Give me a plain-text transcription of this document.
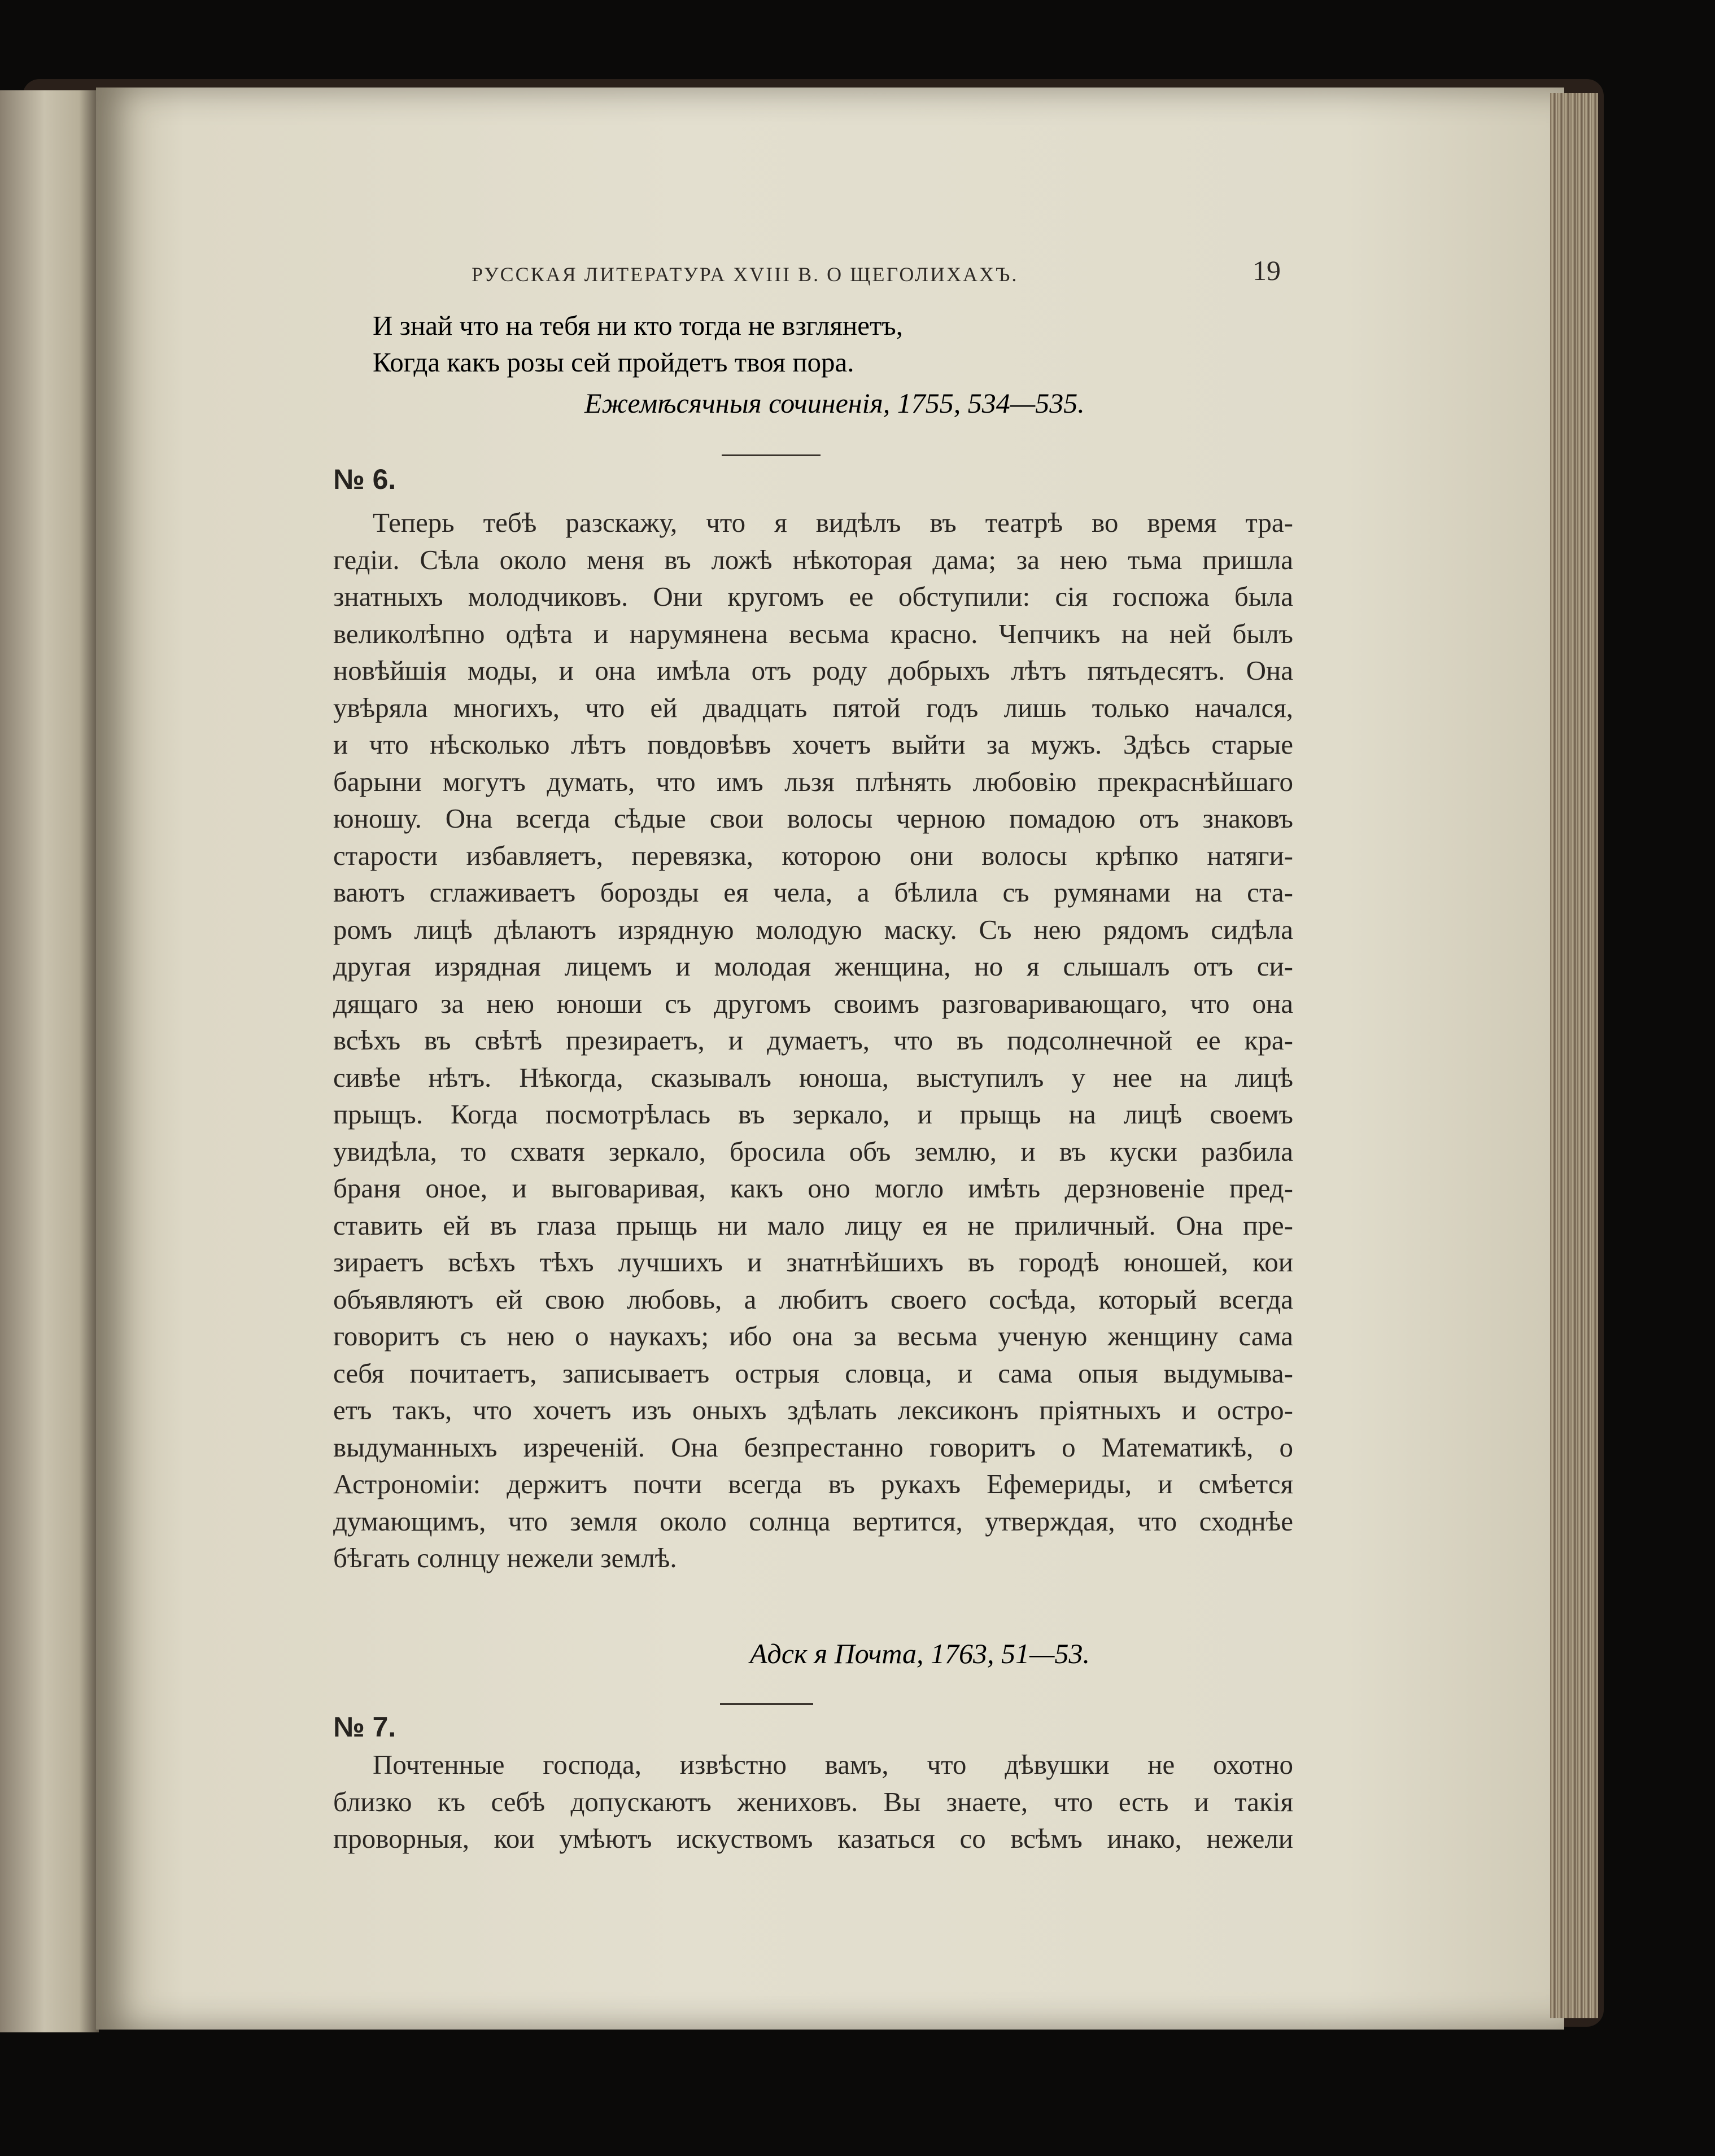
РУССКАЯ ЛИТЕРАТУРА XVIII В. О ЩЕГОЛИХАХЪ.	19
И знай что на тебя ни кто тогда не взглянетъ,
Когда какъ розы сей пройдетъ твоя пора.
Ежемѣсячныя сочиненія, 1755, 534—535.
№ 6.
Теперь тебѣ разскажу, что я видѣлъ въ театрѣ во время тра-
гедіи. Сѣла около меня въ ложѣ нѣкоторая дама; за нею тьма пришла
знатныхъ молодчиковъ. Они кругомъ ее обступили: сія госпожа была
великолѣпно одѣта и нарумянена весьма красно. Чепчикъ на ней былъ
новѣйшія моды, и она имѣла отъ роду добрыхъ лѣтъ пятьдесятъ. Она
увѣряла многихъ, что ей двадцать пятой годъ лишь только начался,
и что нѣсколько лѣтъ повдовѣвъ хочетъ выйти за мужъ. Здѣсь старые
барыни могутъ думать, что имъ льзя плѣнять любовію прекраснѣйшаго
юношу. Она всегда сѣдые свои волосы черною помадою отъ знаковъ
старости избавляетъ, перевязка, которою они волосы крѣпко натяги-
ваютъ сглаживаетъ борозды ея чела, а бѣлила съ румянами на ста-
ромъ лицѣ дѣлаютъ изрядную молодую маску. Съ нею рядомъ сидѣла
другая изрядная лицемъ и молодая женщина, но я слышалъ отъ си-
дящаго за нею юноши съ другомъ своимъ разговаривающаго, что она
всѣхъ въ свѣтѣ презираетъ, и думаетъ, что въ подсолнечной ее кра-
сивѣе нѣтъ. Нѣкогда, сказывалъ юноша, выступилъ у нее на лицѣ
прыщъ. Когда посмотрѣлась въ зеркало, и прыщь на лицѣ своемъ
увидѣла, то схватя зеркало, бросила объ землю, и въ куски разбила
браня оное, и выговаривая, какъ оно могло имѣть дерзновеніе пред-
ставить ей въ глаза прыщь ни мало лицу ея не приличный. Она пре-
зираетъ всѣхъ тѣхъ лучшихъ и знатнѣйшихъ въ городѣ юношей, кои
объявляютъ ей свою любовь, а любитъ своего сосѣда, который всегда
говоритъ съ нею о наукахъ; ибо она за весьма ученую женщину сама
себя почитаетъ, записываетъ острыя словца, и сама опыя выдумыва-
етъ такъ, что хочетъ изъ оныхъ здѣлать лексиконъ пріятныхъ и остро-
выдуманныхъ изреченій. Она безпрестанно говоритъ о Математикѣ, о
Астрономіи: держитъ почти всегда въ рукахъ Ефемериды, и смѣется
думающимъ, что земля около солнца вертится, утверждая, что сходнѣе
бѣгать солнцу нежели землѣ.
Адск я Почта, 1763, 51—53.
№ 7.
Почтенные господа, извѣстно вамъ, что дѣвушки не охотно
близко къ себѣ допускаютъ жениховъ. Вы знаете, что есть и такія
проворныя, кои умѣютъ искуствомъ казаться со всѣмъ инако, нежели
